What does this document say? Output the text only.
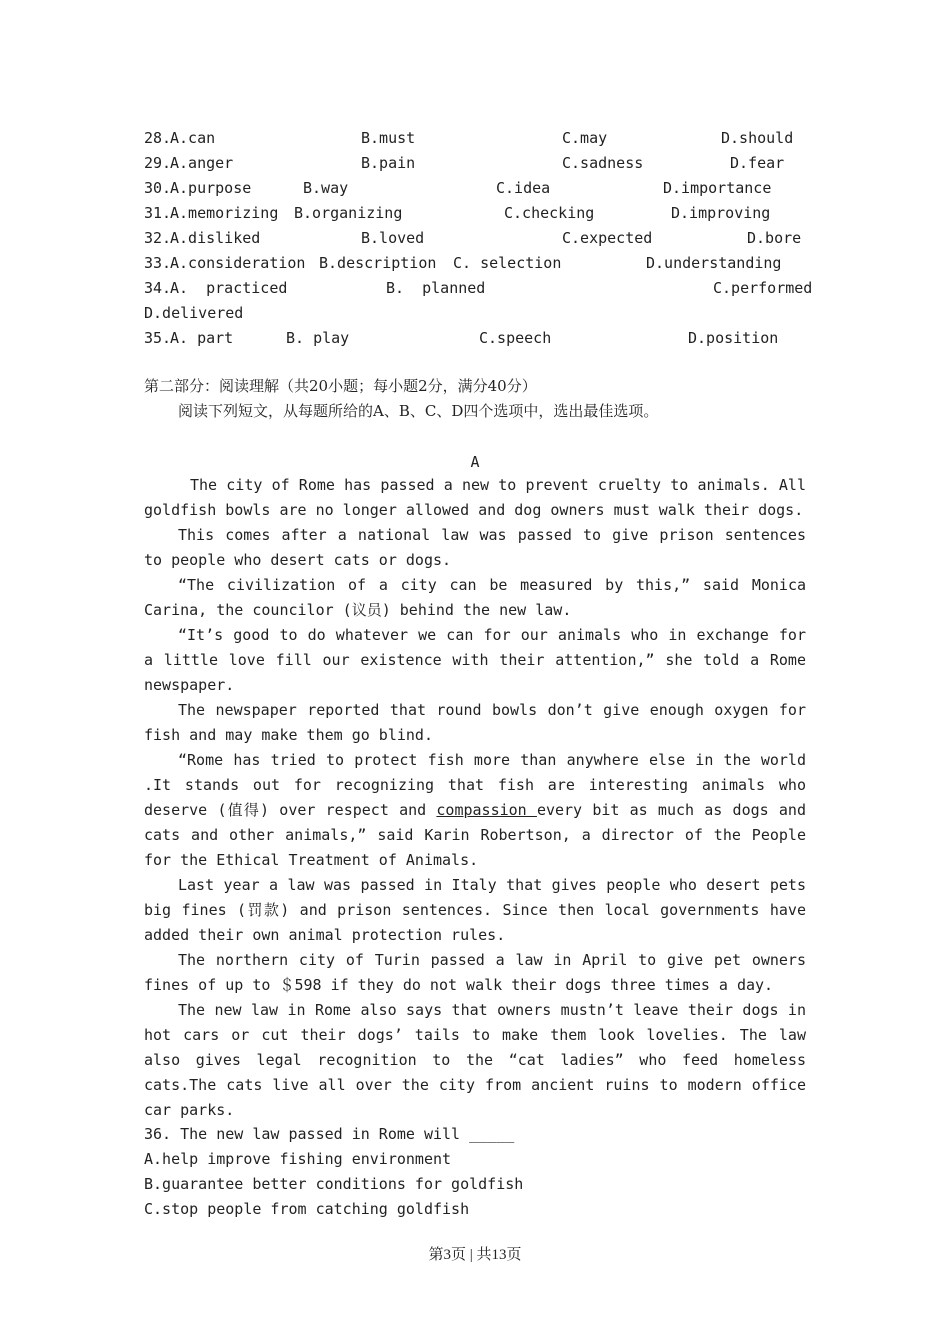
28.
A.can	B.must	C.may	D.should
29.
A.anger	B.pain	C.sadness	D.fear
30.
A.purpose	B.way	C.idea	D.importance
31.
A.memorizing B.organizing	C.checking	D.improving
32.
A.disliked	B.loved	C.expected	D.bore
33.
A.consideration B.description C. selection	D.understanding
34.
A.  practiced	B.  planned	C.performed
D.delivered
35.
A. part	B. play	C.speech	D.position
第二部分：阅读理解（共20小题；每小题2分，满分40分）
阅读下列短文，从每题所给的A、B、C、D四个选项中，选出最佳选项。
A
The city of Rome has passed a new to prevent cruelty to animals. All goldfish bowls are no longer allowed and dog owners must walk their dogs.
This comes after a national law was passed to give prison sentences to people who desert cats or dogs.
“The civilization of a city can be measured by this,” said Monica Carina, the councilor (议员) behind the new law.
“It’s good to do whatever we can for our animals who in exchange for a little love fill our existence with their attention,” she told a Rome newspaper.
The newspaper reported that round bowls don’t give enough oxygen for fish and may make them go blind.
“Rome has tried to protect fish more than anywhere else in the world .It stands out for recognizing that fish are interesting animals who deserve (值得) over respect and compassion every bit as much as dogs and cats and other animals,” said Karin Robertson, a director of the People for the Ethical Treatment of Animals.
Last year a law was passed in Italy that gives people who desert pets big fines (罚款) and prison sentences. Since then local governments have added their own animal protection rules.
The northern city of Turin passed a law in April to give pet owners fines of up to ＄598 if they do not walk their dogs three times a day.
The new law in Rome also says that owners mustn’t leave their dogs in hot cars or cut their dogs’ tails to make them look lovelies. The law also gives legal recognition to the “cat ladies” who feed homeless cats.The cats live all over the city from ancient ruins to modern office car parks.
36. The new law passed in Rome will _____
A.help improve fishing environment
B.guarantee better conditions for goldfish
C.stop people from catching goldfish
第3页 | 共13页
